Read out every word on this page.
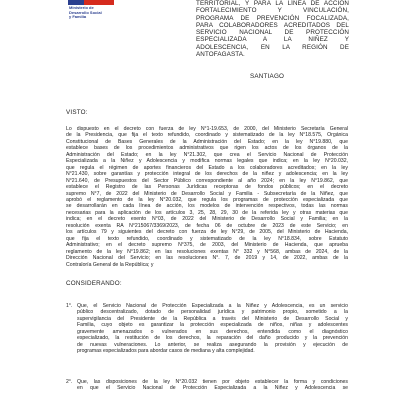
Ministerio de
Desarrollo Social
y Familia
TERRITORIAL, Y PARA LA LÍNEA DE ACCIÓN
FORTALECIMIENTO Y VINCULACIÓN,
PROGRAMA DE PREVENCIÓN FOCALIZADA,
PARA COLABORADORES ACREDITADOS DEL
SERVICIO NACIONAL DE PROTECCIÓN
ESPECIALIZADA A LA NIÑEZ Y
ADOLESCENCIA, EN LA REGIÓN DE
ANTOFAGASTA.
SANTIAGO
VISTO:
Lo dispuesto en el decreto con fuerza de ley N°1-19.653, de 2000, del Ministerio Secretaría General
de la Presidencia, que fija el texto refundido, coordinado y sistematizado de la ley N°18.575, Orgánica
Constitucional de Bases Generales de la Administración del Estado; en la ley N°19.880, que
establece bases de los procedimientos administrativos que rigen los actos de los órganos de la
Administración del Estado; en la ley N°21.302, que crea el Servicio Nacional de Protección
Especializada a la Niñez y Adolescencia y modifica normas legales que indica; en la ley N°20.032,
que regula el régimen de aportes financieros del Estado a los colaboradores acreditados; en la ley
N°21.430, sobre garantías y protección integral de los derechos de la niñez y adolescencia; en la ley
N°21.640, de Presupuestos del Sector Público correspondiente al año 2024; en la ley N°19.862, que
establece el Registro de las Personas Jurídicas receptoras de fondos públicos; en el decreto
supremo N°7, de 2022 del Ministerio de Desarrollo Social y Familia - Subsecretaría de la Niñez, que
aprobó el reglamento de la ley N°20.032, que regula los programas de protección especializada que
se desarrollarán en cada línea de acción, los modelos de intervención respectivos, todas las normas
necesarias para la aplicación de los artículos 3, 25, 28, 29, 30 de la referida ley y otras materias que
indica; en el decreto exento N°03, de 2022 del Ministerio de Desarrollo Social y Familia; en la
resolución exenta RA N°215067/3369/2023, de fecha 06 de octubre de 2023 de este Servicio; en
los artículos 79 y siguientes del decreto con fuerza de ley N°29, de 2005, del Ministerio de Hacienda,
que fija el texto refundido, coordinado y sistematizado de la ley N°18.834, sobre Estatuto
Administrativo; en el decreto supremo N°375, de 2003, del Ministerio de Hacienda, que aprueba
reglamento de la ley N°19.862; en las resoluciones exentas N° 332 y N°568, ambas de 2024, de la
Dirección Nacional del Servicio; en las resoluciones N°. 7, de 2019 y 14, de 2022, ambas de la
Contraloría General de la República; y
CONSIDERANDO:
1°. Que, el Servicio Nacional de Protección Especializada a la Niñez y Adolescencia, es un servicio
público descentralizado, dotado de personalidad jurídica y patrimonio propio, sometido a la
supervigilancia del Presidente de la República a través del Ministerio de Desarrollo Social y
Familia, cuyo objeto es garantizar la protección especializada de niños, niñas y adolescentes
gravemente amenazados o vulnerados en sus derechos, entendida como el diagnóstico
especializado, la restitución de los derechos, la reparación del daño producido y la prevención
de nuevas vulneraciones. Lo anterior, se realiza asegurando la provisión y ejecución de
programas especializados para abordar casos de mediana y alta complejidad.
2°. Que, las disposiciones de la ley N°20.032 tienen por objeto establecer la forma y condiciones
en que el Servicio Nacional de Protección Especializada a la Niñez y Adolescencia se
